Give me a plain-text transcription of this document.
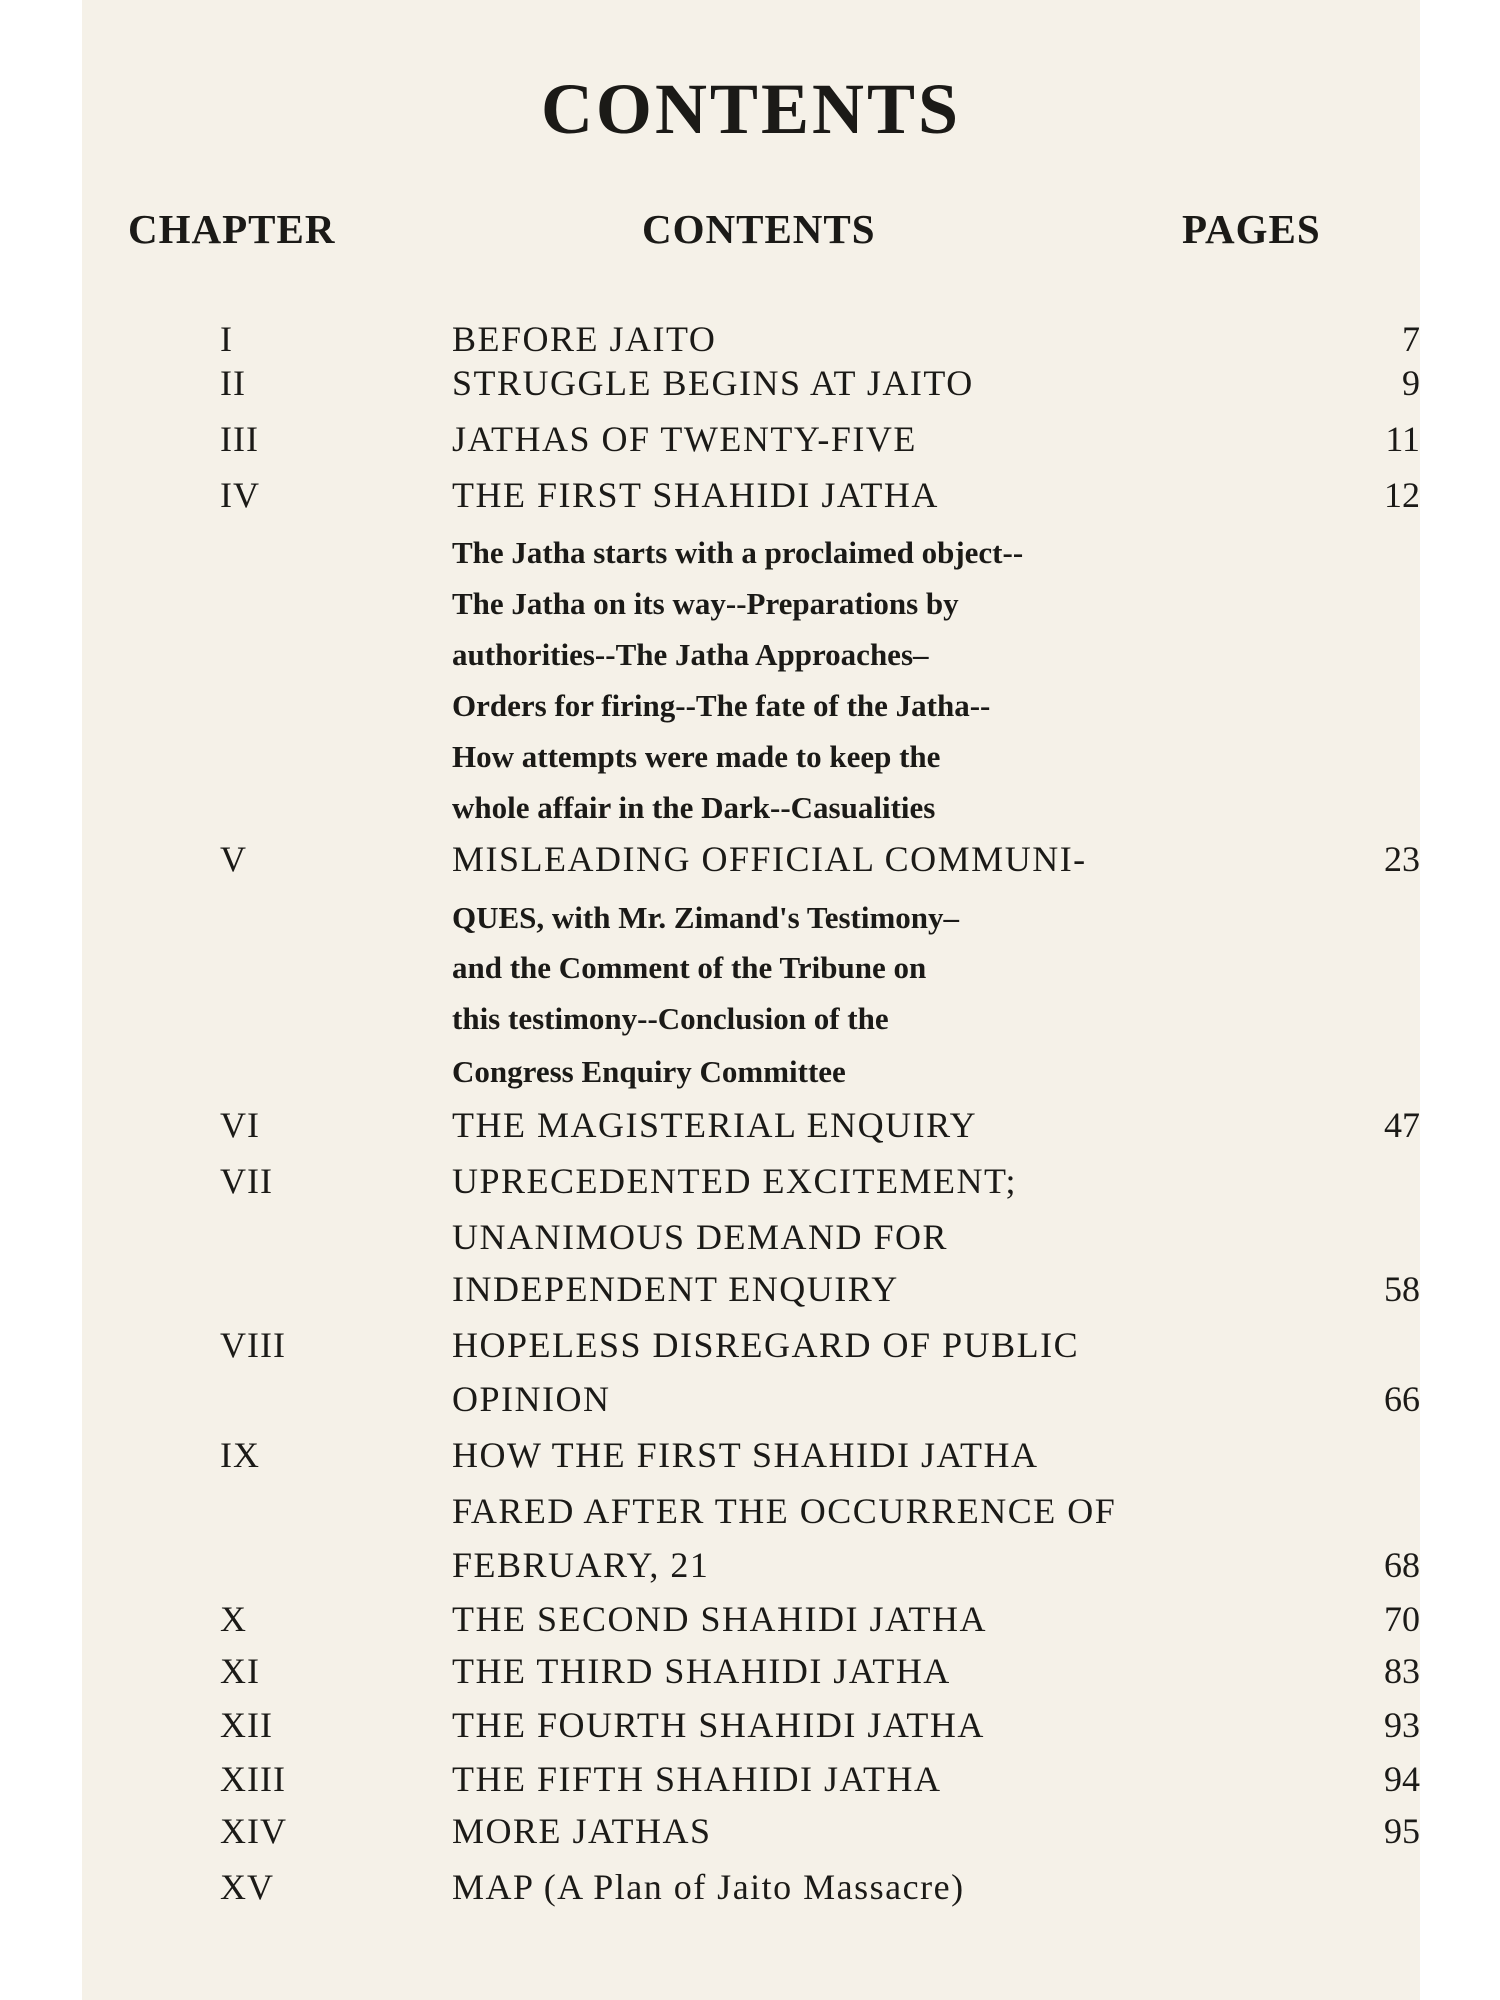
CONTENTS
CHAPTER	CONTENTS	PAGES
I	BEFORE JAITO	7
II	STRUGGLE BEGINS AT JAITO	9
III	JATHAS OF TWENTY-FIVE	11
IV	THE FIRST SHAHIDI JATHA	12
The Jatha starts with a proclaimed object--
The Jatha on its way--Preparations by
authorities--The Jatha Approaches–
Orders for firing--The fate of the Jatha--
How attempts were made to keep the
whole affair in the Dark--Casualities
V	MISLEADING OFFICIAL COMMUNI-	23
QUES, with Mr. Zimand's Testimony–
and the Comment of the Tribune on
this testimony--Conclusion of the
Congress Enquiry Committee
VI	THE MAGISTERIAL ENQUIRY	47
VII	UPRECEDENTED EXCITEMENT;
UNANIMOUS DEMAND FOR
INDEPENDENT ENQUIRY	58
VIII	HOPELESS DISREGARD OF PUBLIC
OPINION	66
IX	HOW THE FIRST SHAHIDI JATHA
FARED AFTER THE OCCURRENCE OF
FEBRUARY, 21	68
X	THE SECOND SHAHIDI JATHA	70
XI	THE THIRD SHAHIDI JATHA	83
XII	THE FOURTH SHAHIDI JATHA	93
XIII	THE FIFTH SHAHIDI JATHA	94
XIV	MORE JATHAS	95
XV	MAP (A Plan of Jaito Massacre)
